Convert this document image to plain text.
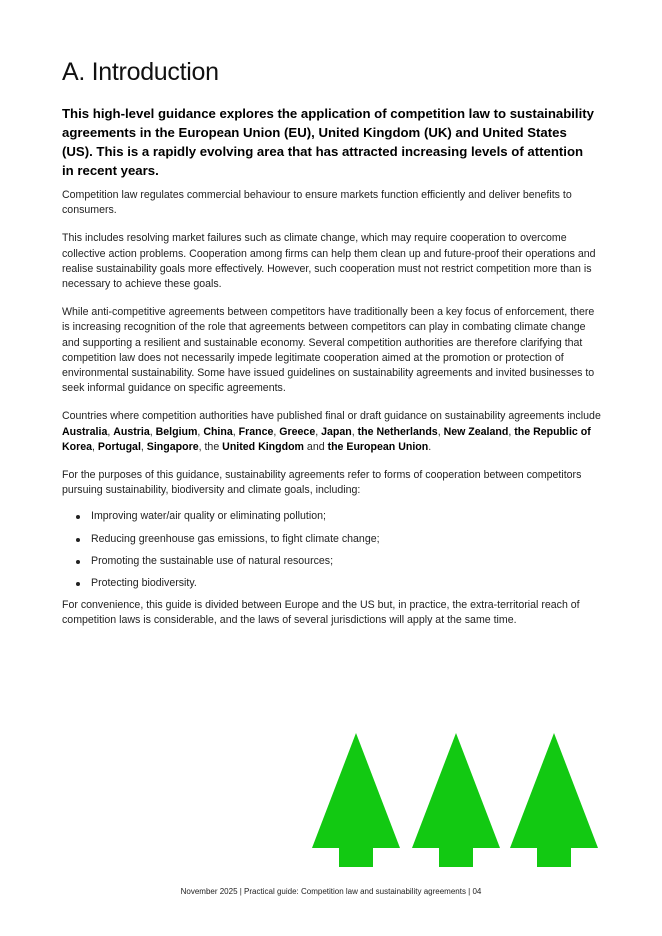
A. Introduction

This high-level guidance explores the application of competition law to sustainability agreements in the European Union (EU), United Kingdom (UK) and United States (US). This is a rapidly evolving area that has attracted increasing levels of attention in recent years.

Competition law regulates commercial behaviour to ensure markets function efficiently and deliver benefits to consumers.

This includes resolving market failures such as climate change, which may require cooperation to overcome collective action problems. Cooperation among firms can help them clean up and future-proof their operations and realise sustainability goals more effectively. However, such cooperation must not restrict competition more than is necessary to achieve these goals.

While anti-competitive agreements between competitors have traditionally been a key focus of enforcement, there is increasing recognition of the role that agreements between competitors can play in combating climate change and supporting a resilient and sustainable economy. Several competition authorities are therefore clarifying that competition law does not necessarily impede legitimate cooperation aimed at the promotion or protection of environmental sustainability. Some have issued guidelines on sustainability agreements and invited businesses to seek informal guidance on specific agreements.

Countries where competition authorities have published final or draft guidance on sustainability agreements include Australia, Austria, Belgium, China, France, Greece, Japan, the Netherlands, New Zealand, the Republic of Korea, Portugal, Singapore, the United Kingdom and the European Union.

For the purposes of this guidance, sustainability agreements refer to forms of cooperation between competitors pursuing sustainability, biodiversity and climate goals, including:

Improving water/air quality or eliminating pollution;
Reducing greenhouse gas emissions, to fight climate change;
Promoting the sustainable use of natural resources;
Protecting biodiversity.

For convenience, this guide is divided between Europe and the US but, in practice, the extra-territorial reach of competition laws is considerable, and the laws of several jurisdictions will apply at the same time.

November 2025 | Practical guide: Competition law and sustainability agreements | 04
